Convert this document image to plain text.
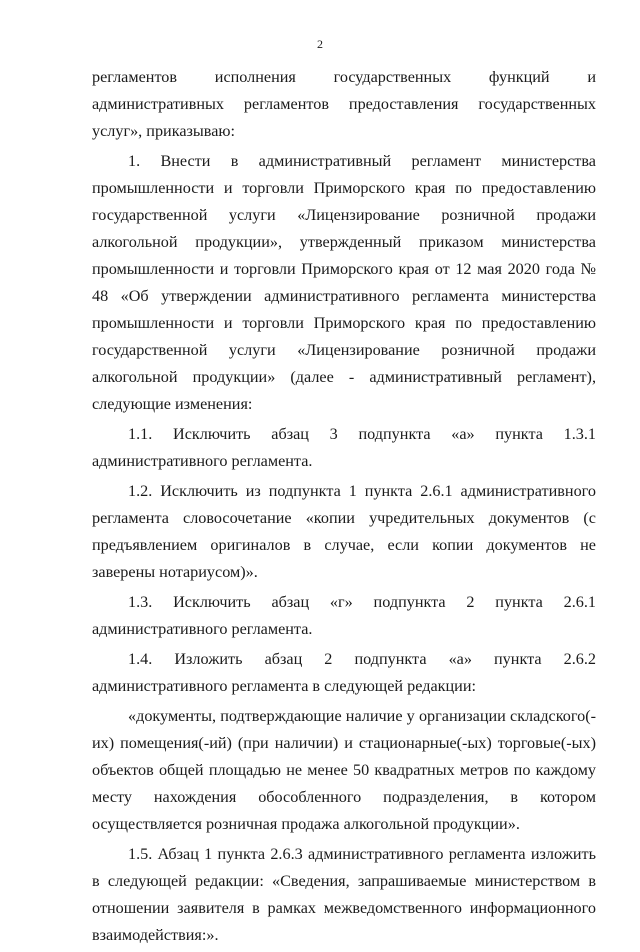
2

регламентов исполнения государственных функций и административных регламентов предоставления государственных услуг», приказываю:

1. Внести в административный регламент министерства промышленности и торговли Приморского края по предоставлению государственной услуги «Лицензирование розничной продажи алкогольной продукции», утвержденный приказом министерства промышленности и торговли Приморского края от 12 мая 2020 года № 48 «Об утверждении административного регламента министерства промышленности и торговли Приморского края по предоставлению государственной услуги «Лицензирование розничной продажи алкогольной продукции» (далее - административный регламент), следующие изменения:

1.1. Исключить абзац 3 подпункта «а» пункта 1.3.1 административного регламента.

1.2. Исключить из подпункта 1 пункта 2.6.1 административного регламента словосочетание «копии учредительных документов (с предъявлением оригиналов в случае, если копии документов не заверены нотариусом)».

1.3. Исключить абзац «г» подпункта 2 пункта 2.6.1 административного регламента.

1.4. Изложить абзац 2 подпункта «а» пункта 2.6.2 административного регламента в следующей редакции:

«документы, подтверждающие наличие у организации складского(-их) помещения(-ий) (при наличии) и стационарные(-ых) торговые(-ых) объектов общей площадью не менее 50 квадратных метров по каждому месту нахождения обособленного подразделения, в котором осуществляется розничная продажа алкогольной продукции».

1.5. Абзац 1 пункта 2.6.3 административного регламента изложить в следующей редакции: «Сведения, запрашиваемые министерством в отношении заявителя в рамках межведомственного информационного взаимодействия:».
